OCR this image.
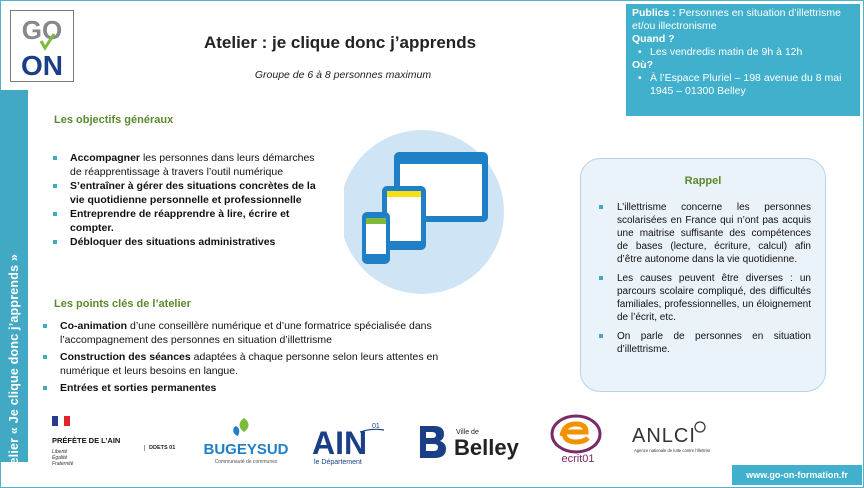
Atelier « Je clique donc j’apprends »
GO
ON
Atelier : je clique donc j’apprends
Groupe de 6 à 8 personnes maximum
Publics : Personnes en situation d’illettrisme et/ou illectronisme
Quand ?
• Les vendredis matin de 9h à 12h
Où?
• À l’Espace Pluriel – 198 avenue du 8 mai 1945 – 01300 Belley
Les objectifs généraux
Accompagner les personnes dans leurs démarches de réapprentissage à travers l’outil numérique
S’entraîner à gérer des situations concrètes de la vie quotidienne personnelle et professionnelle
Entreprendre de réapprendre à lire, écrire et compter.
Débloquer des situations administratives
Les points clés de l’atelier
Co-animation d’une conseillère numérique et d’une formatrice spécialisée dans l’accompagnement des personnes en situation d’illettrisme
Construction des séances adaptées à chaque personne selon leurs attentes en numérique et leurs besoins en langue.
Entrées et sorties permanentes
Rappel
L’illettrisme concerne les personnes scolarisées en France qui n’ont pas acquis une maitrise suffisante des compétences de bases (lecture, écriture, calcul) afin d’être autonome dans la vie quotidienne.
Les causes peuvent être diverses : un parcours scolaire compliqué, des difficultés familiales, professionnelles, un éloignement de l’écrit, etc.
On parle de personnes en situation d’illettrisme.
PRÉFÈTE DE L’AIN
Liberté
Égalité
Fraternité
DDETS 01 BUGEYSUD
Communauté de communes
AIN 01
le Département
Ville de
Belley	ecrit01
ANLCI
Agence nationale de lutte contre l’illettrisme
www.go-on-formation.fr
